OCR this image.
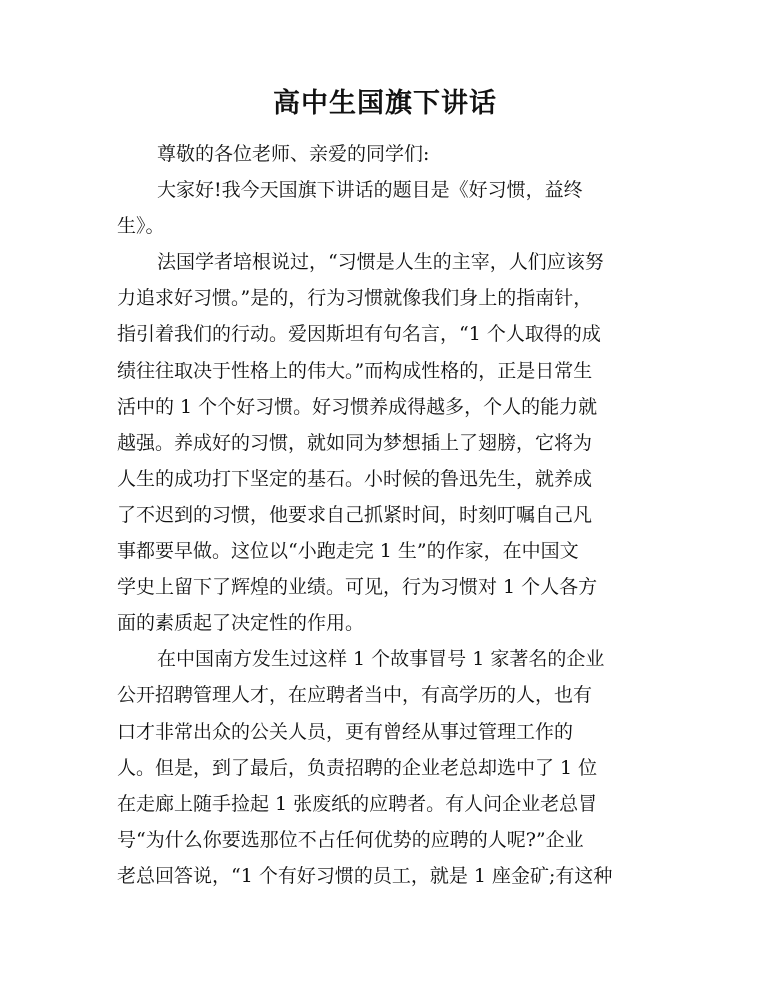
高中生国旗下讲话
尊敬的各位老师、亲爱的同学们:
大家好!我今天国旗下讲话的题目是《好习惯，益终
生》。
法国学者培根说过，“习惯是人生的主宰，人们应该努
力追求好习惯。”是的，行为习惯就像我们身上的指南针，
指引着我们的行动。爱因斯坦有句名言，“1 个人取得的成
绩往往取决于性格上的伟大。”而构成性格的，正是日常生
活中的 1 个个好习惯。好习惯养成得越多，个人的能力就
越强。养成好的习惯，就如同为梦想插上了翅膀，它将为
人生的成功打下坚定的基石。小时候的鲁迅先生，就养成
了不迟到的习惯，他要求自己抓紧时间，时刻叮嘱自己凡
事都要早做。这位以“小跑走完 1 生”的作家，在中国文
学史上留下了辉煌的业绩。可见，行为习惯对 1 个人各方
面的素质起了决定性的作用。
在中国南方发生过这样 1 个故事冒号 1 家著名的企业
公开招聘管理人才，在应聘者当中，有高学历的人，也有
口才非常出众的公关人员，更有曾经从事过管理工作的
人。但是，到了最后，负责招聘的企业老总却选中了 1 位
在走廊上随手捡起 1 张废纸的应聘者。有人问企业老总冒
号“为什么你要选那位不占任何优势的应聘的人呢?”企业
老总回答说，“1 个有好习惯的员工，就是 1 座金矿;有这种
